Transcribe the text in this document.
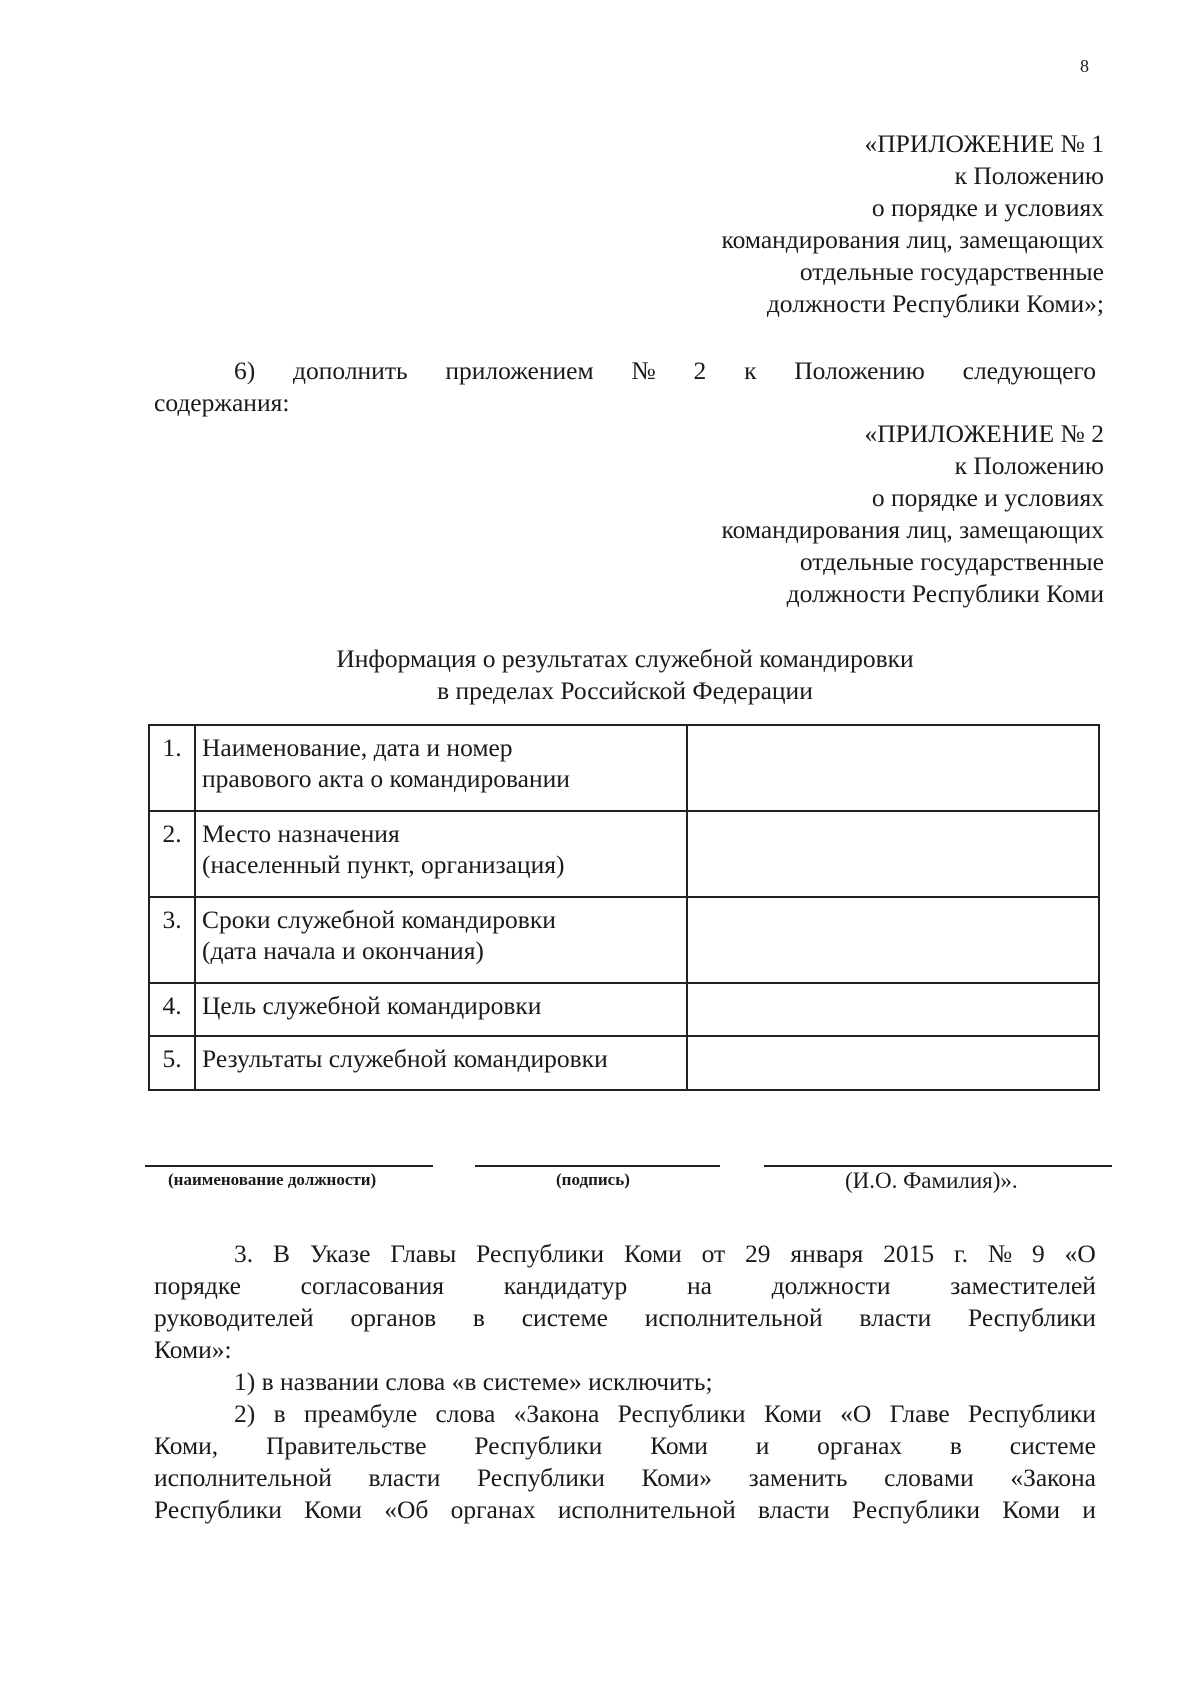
8
«ПРИЛОЖЕНИЕ № 1
к Положению
о порядке и условиях
командирования лиц, замещающих
отдельные государственные
должности Республики Коми»;
6) дополнить приложением № 2 к Положению следующего
содержания:
«ПРИЛОЖЕНИЕ № 2
к Положению
о порядке и условиях
командирования лиц, замещающих
отдельные государственные
должности Республики Коми
Информация о результатах служебной командировки
в пределах Российской Федерации
1.	Наименование, дата и номер
правового акта о командировании	

2.	Место назначения
(населенный пункт, организация)	

3.	Сроки служебной командировки
(дата начала и окончания)	

4.	Цель служебной командировки	

5.	Результаты служебной командировки	

(наименование должности)	(подпись)	(И.О. Фамилия)».
3. В Указе Главы Республики Коми от 29 января 2015 г. № 9 «О
порядке согласования кандидатур на должности заместителей
руководителей органов в системе исполнительной власти Республики
Коми»:
1) в названии слова «в системе» исключить;
2) в преамбуле слова «Закона Республики Коми «О Главе Республики
Коми, Правительстве Республики Коми и органах в системе
исполнительной власти Республики Коми» заменить словами «Закона
Республики Коми «Об органах исполнительной власти Республики Коми и
